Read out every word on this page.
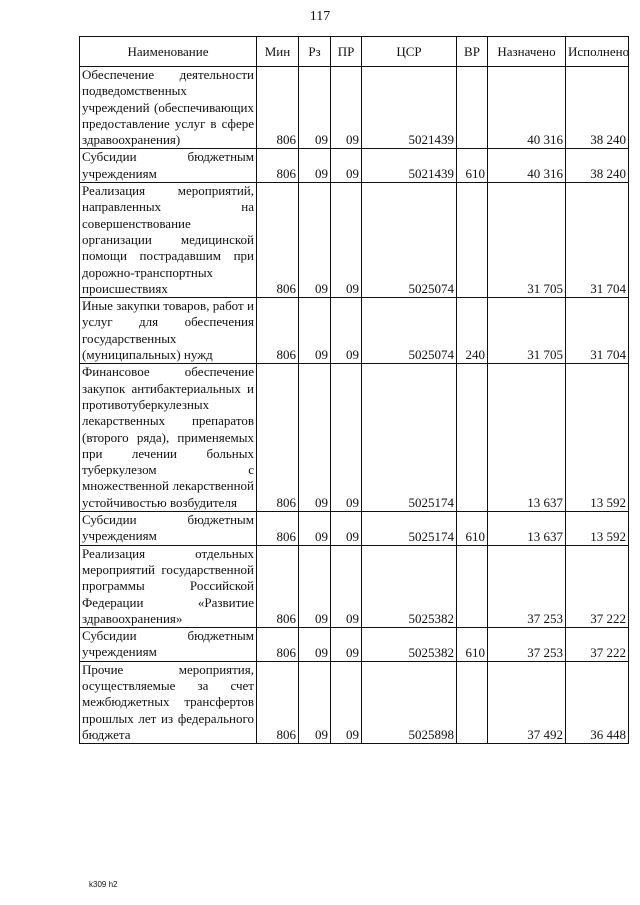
117
Наименование	Мин	Рз	ПР	ЦСР	ВР	Назначено	Исполнено
Обеспечение деятельности подведомственных учреждений (обеспечивающих предоставление услуг в сфере здравоохранения)	806	09	09	5021439		40 316	38 240
Субсидии бюджетным учреждениям	806	09	09	5021439	610	40 316	38 240
Реализация мероприятий, направленных на совершенствование организации медицинской помощи пострадавшим при дорожно-транспортных происшествиях	806	09	09	5025074		31 705	31 704
Иные закупки товаров, работ и услуг для обеспечения государственных (муниципальных) нужд	806	09	09	5025074	240	31 705	31 704
Финансовое обеспечение закупок антибактериальных и противотуберкулезных лекарственных препаратов (второго ряда), применяемых при лечении больных туберкулезом с множественной лекарственной устойчивостью возбудителя	806	09	09	5025174		13 637	13 592
Субсидии бюджетным учреждениям	806	09	09	5025174	610	13 637	13 592
Реализация отдельных мероприятий государственной программы Российской Федерации «Развитие здравоохранения»	806	09	09	5025382		37 253	37 222
Субсидии бюджетным учреждениям	806	09	09	5025382	610	37 253	37 222
Прочие мероприятия, осуществляемые за счет межбюджетных трансфертов прошлых лет из федерального бюджета	806	09	09	5025898		37 492	36 448
k309 h2
